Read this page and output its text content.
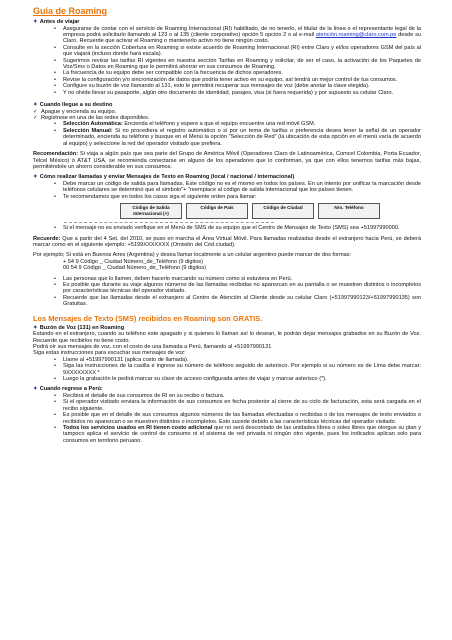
Guía de Roaming

✦ Antes de viajar

• Asegurarse de contar con el servicio de Roaming Internacional (RI) habilitado, de no tenerlo, el titular de la línea o el representante legal de la empresa podrá solicitarlo llamando al 123 o al 135 (cliente corporativo) opción 5 opción 2 o al e-mail atención.roaming@claro.com.pe desde su Claro. Recuerde que activar el Roaming o mantenerlo activo no tiene ningún costo.
• Consulte en la sección Cobertura en Roaming si existe acuerdo de Roaming Internacional (RI) entre Claro y el/los operadores GSM del país al que viajará (incluso donde hará escala).
• Sugerimos revisar las tarifas RI vigentes en nuestra sección Tarifas en Roaming y solicitar, de ser el caso, la activación de los Paquetes de Voz/Sms o Datos en Roaming que le permitirá ahorrar en sus consumos de Roaming.
• La frecuencia de su equipo debe ser compatible con la frecuencia de dichos operadores.
• Revise la configuración y/o sincronización de datos que podría tener activo en su equipo, así tendrá un mejor control de tus consumos.
• Configure su buzón de voz llamando al 131, esto le permitirá recuperar sus mensajes de voz (debe anotar la clave elegida).
• Y no olvide llevar su pasaporte, algún otro documento de identidad, pasajes, visa (si fuera requerida) y por supuesto su celular Claro.

✦ Cuando llegue a su destino

✓ Apague y encienda su equipo.
✓ Registrese en una de las redes disponibles.
• Selección Automática: Encienda el teléfono y espere a que el equipo encuentre una red móvil GSM.
• Selección Manual: Si no procediera el registro automático o si por un tema de tarifas o preferencia desea tener la señal de un operador determinado, encienda su teléfono y busque en el Menú la opción "Selección de Red" (la ubicación de esta opción en el menú varía de acuerdo al equipo) y seleccione la red del operador visitado que prefiera.

Recomendación: Si viaja a algún país que sea parte del Grupo de América Móvil (Operadores Claro de Latinoamérica, Comcel Colombia, Porta Ecuador, Telcel México) ó AT&T USA, se recomienda conectarse en alguno de los operadores que lo conforman, ya que con ellos tenemos tarifas más bajas, permitiéndole un ahorro considerable en sus consumos.

✦ Cómo realizar llamadas y enviar Mensajes de Texto en Roaming (local / nacional / internacional)

• Debe marcar un código de salida para llamadas. Este código no es el mismo en todos los países. En un intento por unificar la marcación desde teléfonos celulares se determinó que el simbolo"+ "reemplace al código de salida internacional que los países tienen.
• Te recomendamos que en todos los casos siga el siguiente orden para llamar:
Código de Salida Internacional (+)
Código de País	Código de Ciudad	Nro. Teléfono
• Si el mensaje no es enviado verifique en el Menú de SMS de su equipo que el Centro de Mensajes de Texto (SMS) sea +51997990000.

Recuerde: Que a partir del 4 Set. del 2010, se puso en marcha el Área Virtual Móvil. Para llamadas realizadas desde el extranjero hacia Perú, se deberá marcar como en el siguiente ejemplo: +5199XXXXXXX (Omisión del Cód.ciudad).

Por ejemplo; Si está en Buenos Aires (Argentina) y desea llamar localmente a un celular argentino puede marcar de dos formas:

+ 54 9 Código _ Ciudad Número_de_Teléfono (9 digitos)

00 54 9 Código _ Ciudad Número_de_Teléfono (9 digitos)

• Las personas que lo llamen, deben hacerlo marcando su número como si estuviera en Perú.
• Es posible que durante su viaje algunos números de las llamadas recibidas no aparezcan en su pantalla o se muestren distintos o incompletos por características técnicas del operador visitado.
• Recuerde que las llamadas desde el extranjero al Centro de Atención al Cliente desde su celular Claro (+51997990123/+51997990135) son Gratuitas.
Los Mensajes de Texto (SMS) recibidos en Roaming son GRATIS.

✦ Buzón de Voz (131) en Roaming

Estando en el extranjero, cuando su teléfono este apagado y si quienes lo llaman así lo desean, le podrán dejar mensajes grabados en su Buzón de Voz. Recuerde que recibirlos no tiene costo.

Podrá oír sus mensajes de voz, con el costo de una llamada a Perú, llamando al +51997990131

Siga estas instrucciones para escuchar sus mensajes de voz:

• Llame al +51997990131 (aplica costo de llamada).
• Siga las instrucciones de la casilla e ingrese su número de teléfono seguido de asterisco. Por ejemplo si su número es de Lima debe marcar: 9XXXXXXXX *
• Luego la grabación le pedirá marcar su clave de acceso configurada antes de viajar y marcar asterisco (*).

✦ Cuando regrese a Perú:

• Recibirá el detalle de sus consumos de RI en su recibo o factura.
• Si el operador visitado enviara la información de sus consumos en fecha posterior al cierre de su ciclo de facturación, esta será cargada en el recibo siguiente.
• Es posible que en el detalle de sus consumos algunos números de las llamadas efectuadas o recibidas o de los mensajes de texto enviados o recibidos no aparezcan o se muestren distintos o incompletos. Esto sucede debido a las características técnicas del operador visitado.
• Todos los servicios usados en RI tienen costo adicional que no será descontado de las unidades libres o soles libres que otorgue su plan y tampoco aplica el servicio de control de consumo ni el sistema de red privada ni ningún otro vigente, pues los indicados aplican solo para consumos en territorio peruano.
